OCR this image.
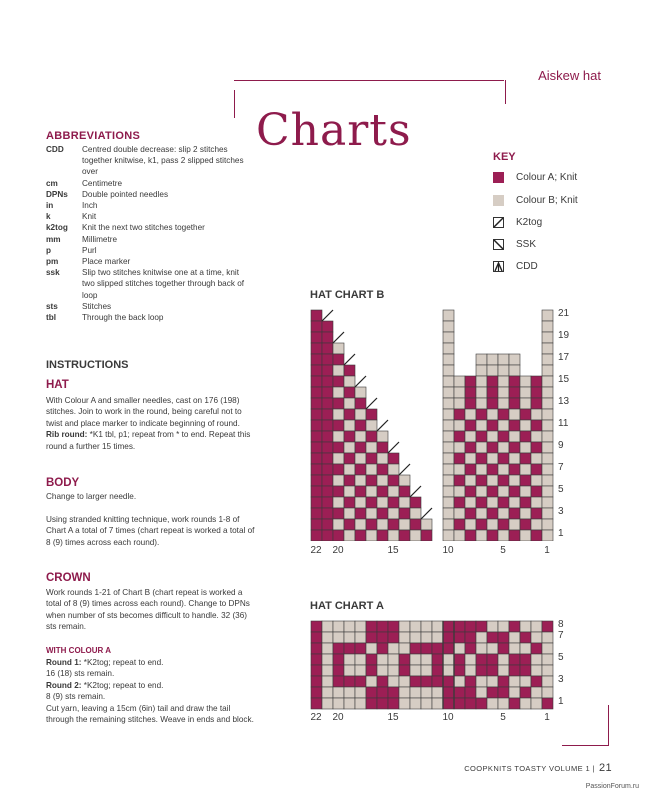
Aiskew hat
Charts
ABBREVIATIONS
CDD	Centred double decrease: slip 2 stitches together knitwise, k1, pass 2 slipped stitches over
cm	Centimetre
DPNs	Double pointed needles
in	Inch
k	Knit
k2tog	Knit the next two stitches together
mm	Millimetre
p	Purl
pm	Place marker
ssk	Slip two stitches knitwise one at a time, knit two slipped stitches together through back of loop
sts	Stitches
tbl	Through the back loop
INSTRUCTIONS
HAT
With Colour A and smaller needles, cast on 176 (198) stitches. Join to work in the round, being careful not to twist and place marker to indicate beginning of round.
Rib round: *K1 tbl, p1; repeat from * to end. Repeat this round a further 15 times.
BODY
Change to larger needle.

Using stranded knitting technique, work rounds 1-8 of Chart A a total of 7 times (chart repeat is worked a total of 8 (9) times across each round).
CROWN
Work rounds 1-21 of Chart B (chart repeat is worked a total of 8 (9) times across each round). Change to DPNs when number of sts becomes difficult to handle. 32 (36) sts remain.
WITH COLOUR A
Round 1: *K2tog; repeat to end.
16 (18) sts remain.
Round 2: *K2tog; repeat to end.
8 (9) sts remain.
Cut yarn, leaving a 15cm (6in) tail and draw the tail through the remaining stitches. Weave in ends and block.
KEY
Colour A; Knit
Colour B; Knit
K2tog
SSK
CDD
HAT CHART B
21
19
17
15
13
11
9
7
5
3
1
22	20	15	10	5	1
HAT CHART A
8
7
5
3
1
22	20	15	10	5	1
COOPKNITS TOASTY VOLUME 1 | 21
PassionForum.ru
